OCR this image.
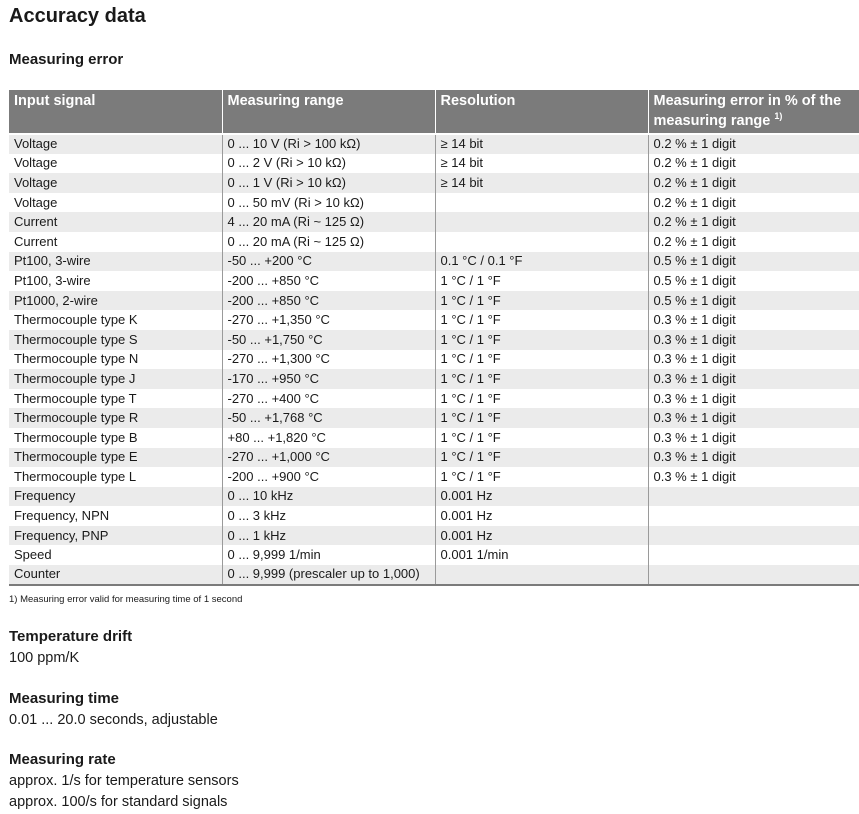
Accuracy data
Measuring error
Input signal	Measuring range	Resolution	Measuring error in % of the measuring range $^{1)}$
Voltage	0 ... 10 V (Ri > 100 kΩ)	≥ 14 bit	0.2 % ± 1 digit
Voltage	0 ... 2 V (Ri > 10 kΩ)	≥ 14 bit	0.2 % ± 1 digit
Voltage	0 ... 1 V (Ri > 10 kΩ)	≥ 14 bit	0.2 % ± 1 digit
Voltage	0 ... 50 mV (Ri > 10 kΩ)		0.2 % ± 1 digit
Current	4 ... 20 mA (Ri ~ 125 Ω)		0.2 % ± 1 digit
Current	0 ... 20 mA (Ri ~ 125 Ω)		0.2 % ± 1 digit
Pt100, 3-wire	-50 ... +200 °C	0.1 °C / 0.1 °F	0.5 % ± 1 digit
Pt100, 3-wire	-200 ... +850 °C	1 °C / 1 °F	0.5 % ± 1 digit
Pt1000, 2-wire	-200 ... +850 °C	1 °C / 1 °F	0.5 % ± 1 digit
Thermocouple type K	-270 ... +1,350 °C	1 °C / 1 °F	0.3 % ± 1 digit
Thermocouple type S	-50 ... +1,750 °C	1 °C / 1 °F	0.3 % ± 1 digit
Thermocouple type N	-270 ... +1,300 °C	1 °C / 1 °F	0.3 % ± 1 digit
Thermocouple type J	-170 ... +950 °C	1 °C / 1 °F	0.3 % ± 1 digit
Thermocouple type T	-270 ... +400 °C	1 °C / 1 °F	0.3 % ± 1 digit
Thermocouple type R	-50 ... +1,768 °C	1 °C / 1 °F	0.3 % ± 1 digit
Thermocouple type B	+80 ... +1,820 °C	1 °C / 1 °F	0.3 % ± 1 digit
Thermocouple type E	-270 ... +1,000 °C	1 °C / 1 °F	0.3 % ± 1 digit
Thermocouple type L	-200 ... +900 °C	1 °C / 1 °F	0.3 % ± 1 digit
Frequency	0 ... 10 kHz	0.001 Hz	
Frequency, NPN	0 ... 3 kHz	0.001 Hz	
Frequency, PNP	0 ... 1 kHz	0.001 Hz	
Speed	0 ... 9,999 1/min	0.001 1/min	
Counter	0 ... 9,999 (prescaler up to 1,000)		

1) Measuring error valid for measuring time of 1 second

Temperature drift

100 ppm/K

Measuring time

0.01 ... 20.0 seconds, adjustable

Measuring rate

approx. 1/s for temperature sensors

approx. 100/s for standard signals
